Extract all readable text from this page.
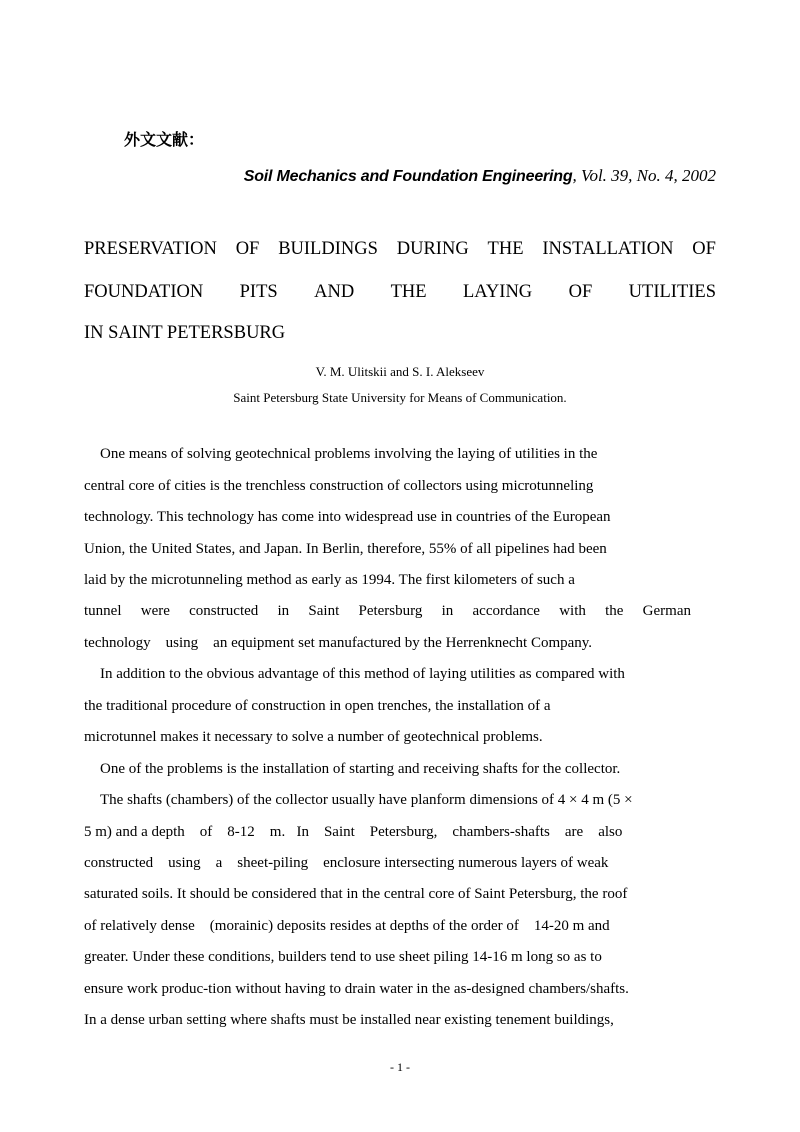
外文文献：
Soil Mechanics and Foundation Engineering, Vol. 39, No. 4, 2002
PRESERVATION OF BUILDINGS DURING THE INSTALLATION OF
FOUNDATION PITS AND THE LAYING OF UTILITIES
IN SAINT PETERSBURG
V. M. Ulitskii and S. I. Alekseev
Saint Petersburg State University for Means of Communication.
One means of solving geotechnical problems involving the laying of utilities in the
central core of cities is the trenchless construction of collectors using microtunneling
technology. This technology has come into widespread use in countries of the European
Union, the United States, and Japan. In Berlin, therefore, 55% of all pipelines had been
laid by the microtunneling method as early as 1994. The first kilometers of such a
tunnel were constructed in Saint Petersburg in accordance with the German
technology    using    an equipment set manufactured by the Herrenknecht Company.
In addition to the obvious advantage of this method of laying utilities as compared with
the traditional procedure of construction in open trenches, the installation of a
microtunnel makes it necessary to solve a number of geotechnical problems.
One of the problems is the installation of starting and receiving shafts for the collector.
The shafts (chambers) of the collector usually have planform dimensions of 4 × 4 m (5 ×
5 m) and a depth    of    8-12    m.   In    Saint    Petersburg,    chambers-shafts    are    also
constructed    using    a    sheet-piling    enclosure intersecting numerous layers of weak
saturated soils. It should be considered that in the central core of Saint Petersburg, the roof
of relatively dense    (morainic) deposits resides at depths of the order of    14-20 m and
greater. Under these conditions, builders tend to use sheet piling 14-16 m long so as to
ensure work produc-tion without having to drain water in the as-designed chambers/shafts.
In a dense urban setting where shafts must be installed near existing tenement buildings,
- 1 -
